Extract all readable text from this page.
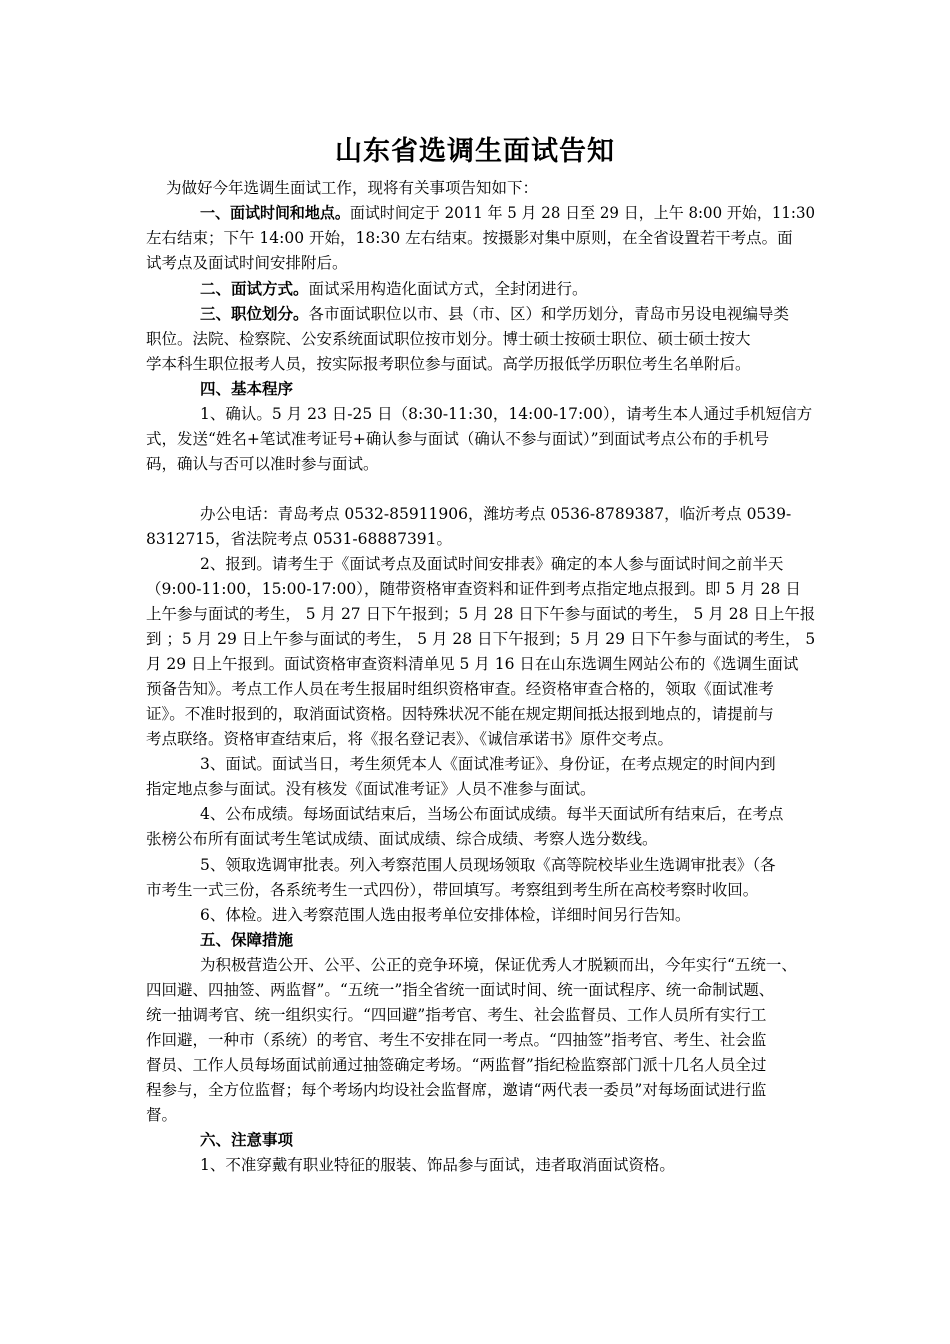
山东省选调生面试告知
为做好今年选调生面试工作，现将有关事项告知如下：
一、面试时间和地点。面试时间定于 2011 年 5 月 28 日至 29 日，上午 8:00 开始，11:30
左右结束；下午 14:00 开始，18:30 左右结束。按摄影对集中原则，在全省设置若干考点。面
试考点及面试时间安排附后。
二、面试方式。面试采用构造化面试方式，全封闭进行。
三、职位划分。各市面试职位以市、县（市、区）和学历划分，青岛市另设电视编导类
职位。法院、检察院、公安系统面试职位按市划分。博士硕士按硕士职位、硕士硕士按大
学本科生职位报考人员，按实际报考职位参与面试。高学历报低学历职位考生名单附后。
四、基本程序
1、确认。5 月 23 日-25 日（8:30-11:30，14:00-17:00），请考生本人通过手机短信方
式，发送“姓名+笔试准考证号+确认参与面试（确认不参与面试）”到面试考点公布的手机号
码，确认与否可以准时参与面试。
办公电话：青岛考点 0532-85911906，潍坊考点 0536-8789387，临沂考点 0539-
8312715，省法院考点 0531-68887391。
2、报到。请考生于《面试考点及面试时间安排表》确定的本人参与面试时间之前半天
（9:00-11:00，15:00-17:00），随带资格审查资料和证件到考点指定地点报到。即 5 月 28 日
上午参与面试的考生， 5 月 27 日下午报到；5 月 28 日下午参与面试的考生， 5 月 28 日上午报
到 ；5 月 29 日上午参与面试的考生， 5 月 28 日下午报到；5 月 29 日下午参与面试的考生， 5
月 29 日上午报到。面试资格审查资料清单见 5 月 16 日在山东选调生网站公布的《选调生面试
预备告知》。考点工作人员在考生报届时组织资格审查。经资格审查合格的，领取《面试准考
证》。不准时报到的，取消面试资格。因特殊状况不能在规定期间抵达报到地点的，请提前与
考点联络。资格审查结束后，将《报名登记表》、《诚信承诺书》原件交考点。
3、面试。面试当日，考生须凭本人《面试准考证》、身份证，在考点规定的时间内到
指定地点参与面试。没有核发《面试准考证》人员不准参与面试。
4、公布成绩。每场面试结束后，当场公布面试成绩。每半天面试所有结束后，在考点
张榜公布所有面试考生笔试成绩、面试成绩、综合成绩、考察人选分数线。
5、领取选调审批表。列入考察范围人员现场领取《高等院校毕业生选调审批表》（各
市考生一式三份，各系统考生一式四份），带回填写。考察组到考生所在高校考察时收回。
6、体检。进入考察范围人选由报考单位安排体检，详细时间另行告知。
五、保障措施
为积极营造公开、公平、公正的竞争环境，保证优秀人才脱颖而出，今年实行“五统一、
四回避、四抽签、两监督”。“五统一”指全省统一面试时间、统一面试程序、统一命制试题、
统一抽调考官、统一组织实行。“四回避”指考官、考生、社会监督员、工作人员所有实行工
作回避，一种市（系统）的考官、考生不安排在同一考点。“四抽签”指考官、考生、社会监
督员、工作人员每场面试前通过抽签确定考场。“两监督”指纪检监察部门派十几名人员全过
程参与，全方位监督；每个考场内均设社会监督席，邀请“两代表一委员”对每场面试进行监
督。
六、注意事项
1、不准穿戴有职业特征的服装、饰品参与面试，违者取消面试资格。
